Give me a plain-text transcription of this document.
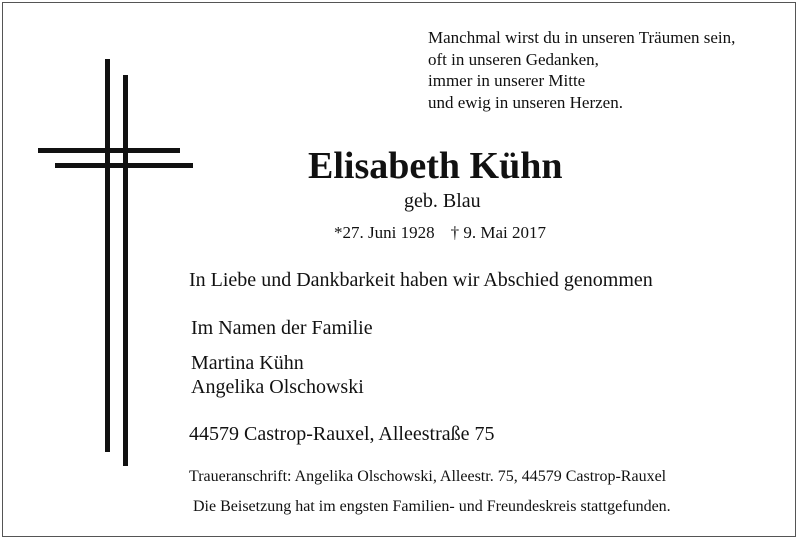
Manchmal wirst du in unseren Träumen sein,
oft in unseren Gedanken,
immer in unserer Mitte
und ewig in unseren Herzen.
Elisabeth Kühn
geb. Blau
*27. Juni 1928 † 9. Mai 2017
In Liebe und Dankbarkeit haben wir Abschied genommen
Im Namen der Familie
Martina Kühn
Angelika Olschowski
44579 Castrop-Rauxel, Alleestraße 75
Traueranschrift: Angelika Olschowski, Alleestr. 75, 44579 Castrop-Rauxel
Die Beisetzung hat im engsten Familien- und Freundeskreis stattgefunden.
